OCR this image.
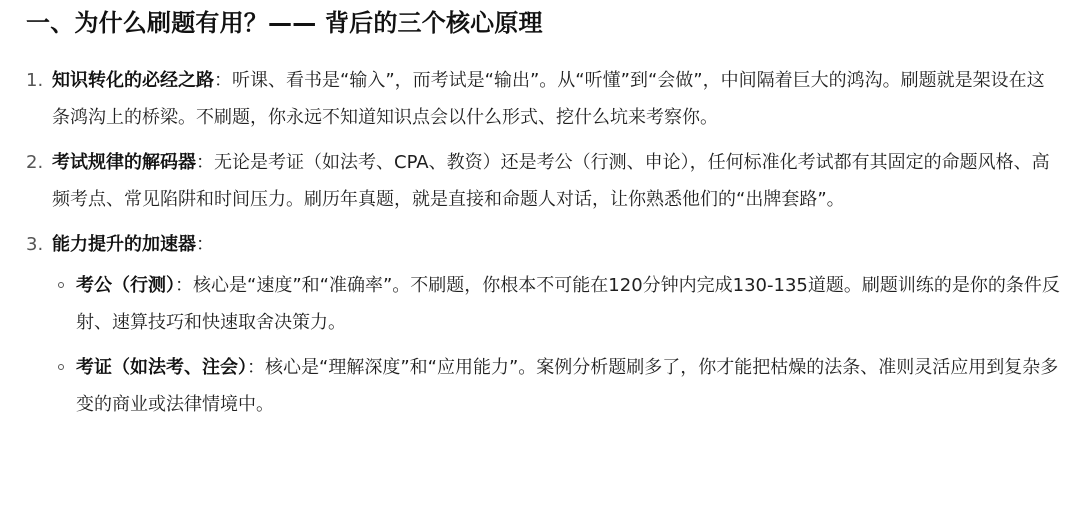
一、为什么刷题有用？—— 背后的三个核心原理
1. 知识转化的必经之路：听课、看书是“输入”，而考试是“输出”。从“听懂”到“会做”，中间隔着巨大的鸿沟。刷题就是架设在这条鸿沟上的桥梁。不刷题，你永远不知道知识点会以什么形式、挖什么坑来考察你。
2. 考试规律的解码器：无论是考证（如法考、CPA、教资）还是考公（行测、申论），任何标准化考试都有其固定的命题风格、高频考点、常见陷阱和时间压力。刷历年真题，就是直接和命题人对话，让你熟悉他们的“出牌套路”。
3. 能力提升的加速器：
考公（行测）：核心是“速度”和“准确率”。不刷题，你根本不可能在120分钟内完成130-135道题。刷题训练的是你的条件反射、速算技巧和快速取舍决策力。
考证（如法考、注会）：核心是“理解深度”和“应用能力”。案例分析题刷多了，你才能把枯燥的法条、准则灵活应用到复杂多变的商业或法律情境中。
